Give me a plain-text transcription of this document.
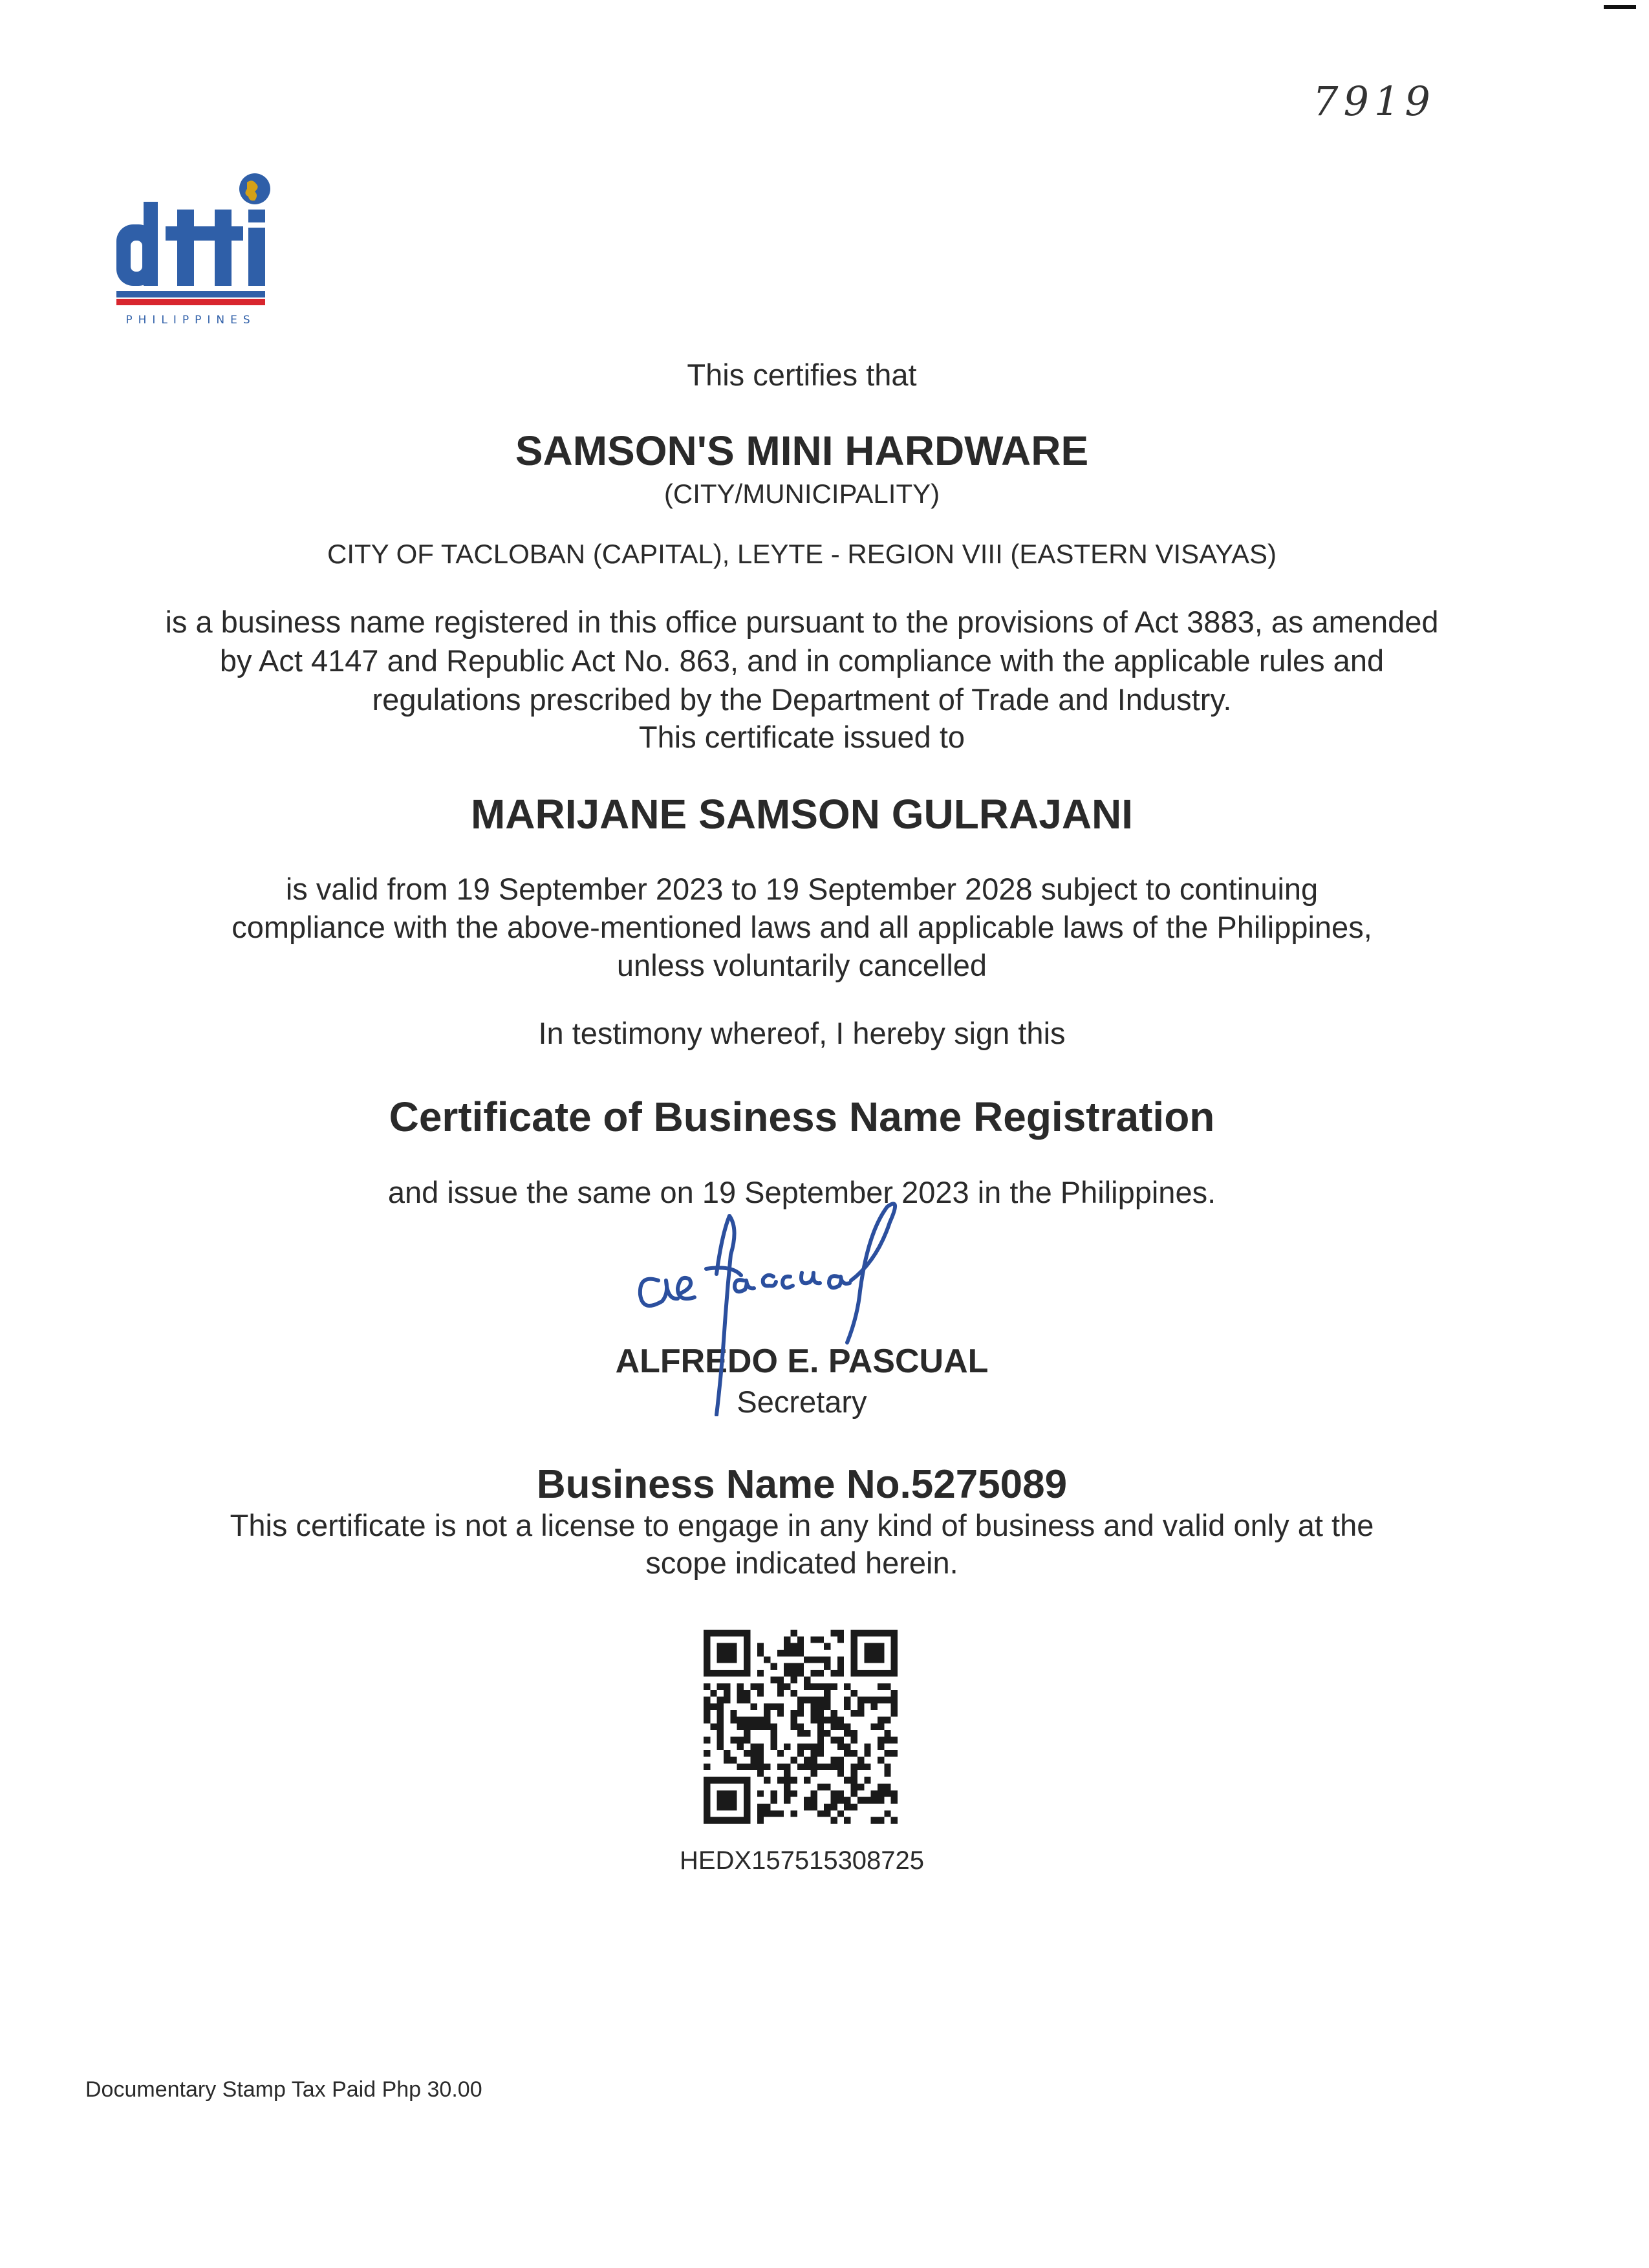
7919
PHILIPPINES
This certifies that
SAMSON'S MINI HARDWARE
(CITY/MUNICIPALITY)
CITY OF TACLOBAN (CAPITAL), LEYTE - REGION VIII (EASTERN VISAYAS)
is a business name registered in this office pursuant to the provisions of Act 3883, as amended
by Act 4147 and Republic Act No. 863, and in compliance with the applicable rules and
regulations prescribed by the Department of Trade and Industry.
This certificate issued to
MARIJANE SAMSON GULRAJANI
is valid from 19 September 2023 to 19 September 2028 subject to continuing
compliance with the above-mentioned laws and all applicable laws of the Philippines,
unless voluntarily cancelled
In testimony whereof, I hereby sign this
Certificate of Business Name Registration
and issue the same on 19 September 2023 in the Philippines.
ALFREDO E. PASCUAL
Secretary
Business Name No.5275089
This certificate is not a license to engage in any kind of business and valid only at the
scope indicated herein.
HEDX157515308725
Documentary Stamp Tax Paid Php 30.00
